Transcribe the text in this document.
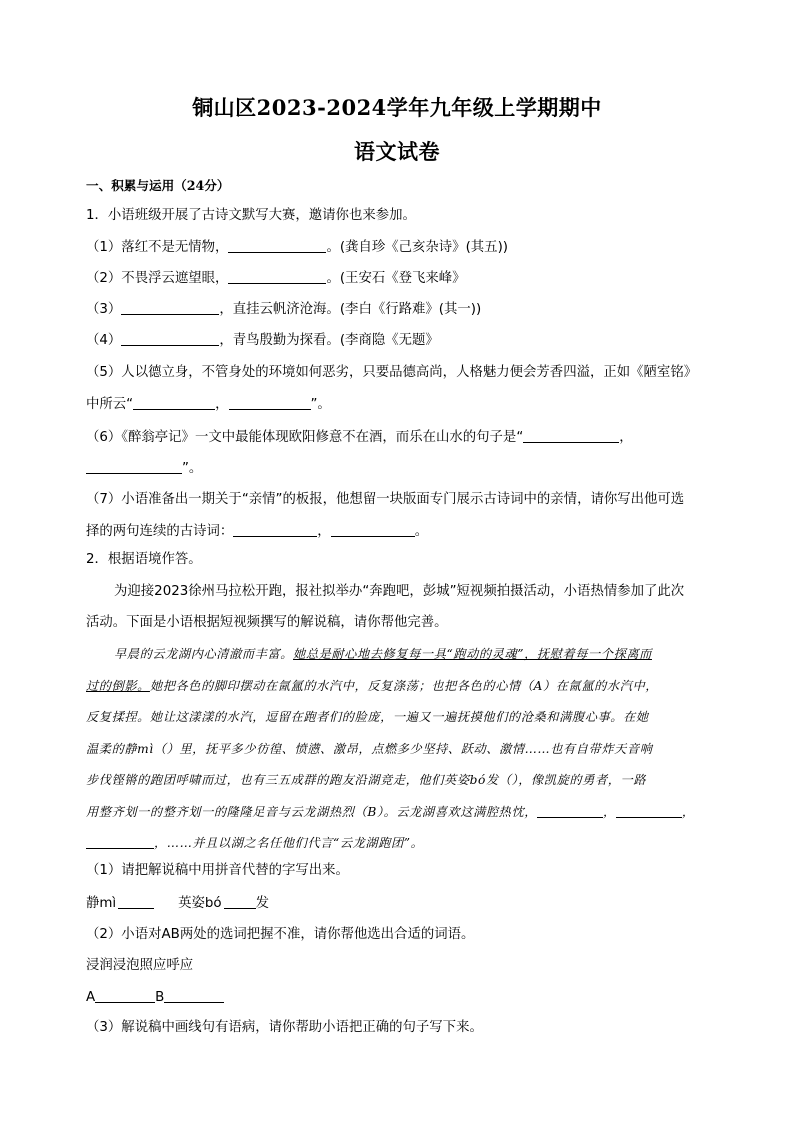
铜山区2023-2024学年九年级上学期期中
语文试卷
一、积累与运用（24分）
1．小语班级开展了古诗文默写大赛，邀请你也来参加。
（1）落红不是无情物，	。(龚自珍《己亥杂诗》(其五))
（2）不畏浮云遮望眼，	。(王安石《登飞来峰》
（3）	，直挂云帆济沧海。(李白《行路难》(其一))
（4）	，青鸟殷勤为探看。(李商隐《无题》
（5）人以德立身，不管身处的环境如何恶劣，只要品德高尚，人格魅力便会芳香四溢，正如《陋室铭》
中所云“	，	”。
（6）《醉翁亭记》一文中最能体现欧阳修意不在酒，而乐在山水的句子是“	，
”。
（7）小语准备出一期关于“亲情”的板报，他想留一块版面专门展示古诗词中的亲情，请你写出他可选
择的两句连续的古诗词：	，	。
2．根据语境作答。
为迎接2023徐州马拉松开跑，报社拟举办“奔跑吧，彭城”短视频拍摄活动，小语热情参加了此次
活动。下面是小语根据短视频撰写的解说稿，请你帮他完善。
早晨的云龙湖内心清澈而丰富。她总是耐心地去修复每一具“跑动的灵魂”，抚慰着每一个探离而
过的倒影。她把各色的脚印摆动在氤氲的水汽中，反复涤荡；也把各色的心情（A）在氤氲的水汽中，
反复揉捏。她让这漾漾的水汽，逗留在跑者们的脸庞，一遍又一遍抚摸他们的沧桑和满腹心事。在她
温柔的静mì（）里，抚平多少彷徨、愤懑、激昂，点燃多少坚持、跃动、激情……也有自带炸天音响
步伐铿锵的跑团呼啸而过，也有三五成群的跑友沿湖竞走，他们英姿bó发（），像凯旋的勇者，一路
用整齐划一的整齐划一的隆隆足音与云龙湖热烈（B）。云龙湖喜欢这满腔热忱，	，	，
，……并且以湖之名任他们代言“云龙湖跑团”。
（1）请把解说稿中用拼音代替的字写出来。
静mì	英姿bó	发
（2）小语对AB两处的选词把握不准，请你帮他选出合适的词语。
浸润浸泡照应呼应
A	B
（3）解说稿中画线句有语病，请你帮助小语把正确的句子写下来。
